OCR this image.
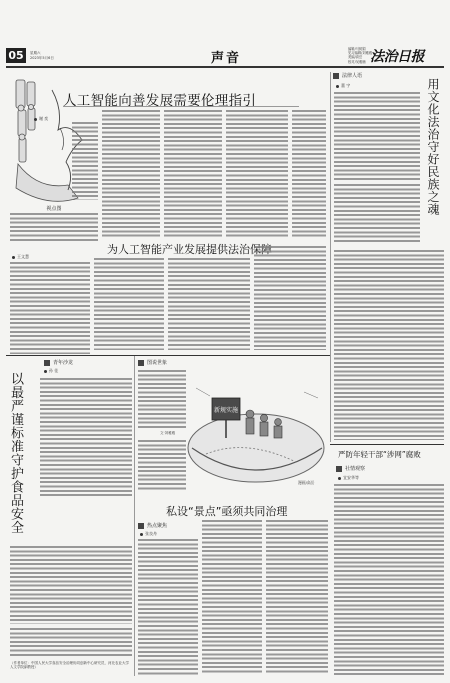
05 星期六
2023年5月6日	声音
编辑/马树娟
见习编辑/刘雅雅
美编/高岳
校对/吴雅楠 法治日报
人工智能向善发展需要伦理指引
谢 奕
视点图
为人工智能产业发展提供法治保障
王文慧
法律人语
董 宇	用文化法治守好民族之魂
青年沙龙
以最严谨标准守护食品安全
孙 佳
（作者单位：中国人民大学食品安全治理协同创新中心研究员，河北农业大学人文学院副教授）
图说世象
文·刘雅雅
新规实施
漫画/高岳
私设“景点”亟须共同治理
热点聚焦
张良舟
严防年轻干部“涉网”腐败
社情观察
宜安华等
